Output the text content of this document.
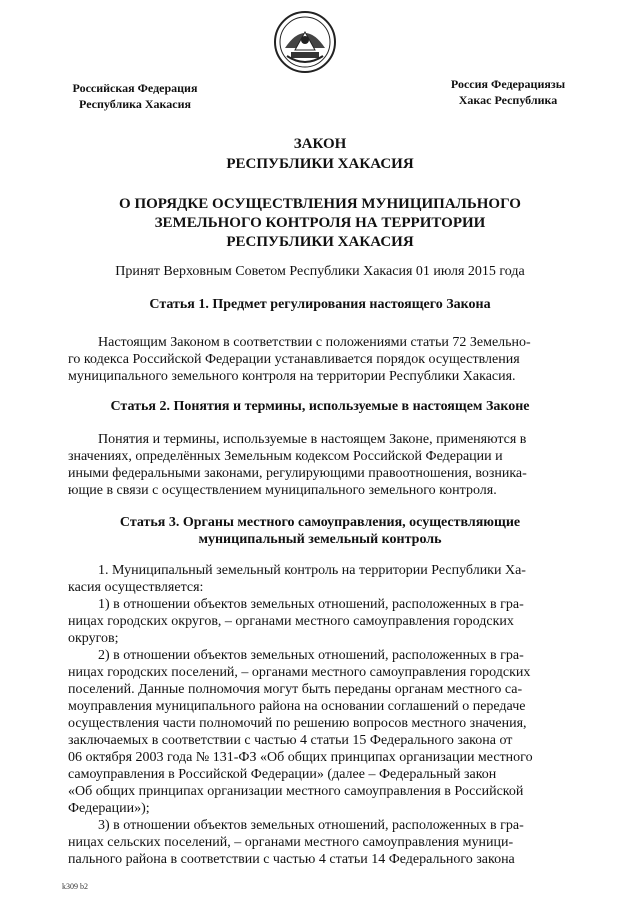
Российская Федерация
Республика Хакасия
Россия Федерациязы
Хакас Республика
ЗАКОН
РЕСПУБЛИКИ ХАКАСИЯ
О ПОРЯДКЕ ОСУЩЕСТВЛЕНИЯ МУНИЦИПАЛЬНОГО
ЗЕМЕЛЬНОГО КОНТРОЛЯ НА ТЕРРИТОРИИ
РЕСПУБЛИКИ ХАКАСИЯ
Принят Верховным Советом Республики Хакасия 01 июля 2015 года
Статья 1. Предмет регулирования настоящего Закона
Настоящим Законом в соответствии с положениями статьи 72 Земельно-
го кодекса Российской Федерации устанавливается порядок осуществления
муниципального земельного контроля на территории Республики Хакасия.
Статья 2. Понятия и термины, используемые в настоящем Законе
Понятия и термины, используемые в настоящем Законе, применяются в
значениях, определённых Земельным кодексом Российской Федерации и
иными федеральными законами, регулирующими правоотношения, возника-
ющие в связи с осуществлением муниципального земельного контроля.
Статья 3. Органы местного самоуправления, осуществляющие
муниципальный земельный контроль
1. Муниципальный земельный контроль на территории Республики Ха-
касия осуществляется:
1) в отношении объектов земельных отношений, расположенных в гра-
ницах городских округов, – органами местного самоуправления городских
округов;
2) в отношении объектов земельных отношений, расположенных в гра-
ницах городских поселений, – органами местного самоуправления городских
поселений. Данные полномочия могут быть переданы органам местного са-
моуправления муниципального района на основании соглашений о передаче
осуществления части полномочий по решению вопросов местного значения,
заключаемых в соответствии с частью 4 статьи 15 Федерального закона от
06 октября 2003 года № 131-ФЗ «Об общих принципах организации местного
самоуправления в Российской Федерации» (далее – Федеральный закон
«Об общих принципах организации местного самоуправления в Российской
Федерации»);
3) в отношении объектов земельных отношений, расположенных в гра-
ницах сельских поселений, – органами местного самоуправления муници-
пального района в соответствии с частью 4 статьи 14 Федерального закона
k309 b2
